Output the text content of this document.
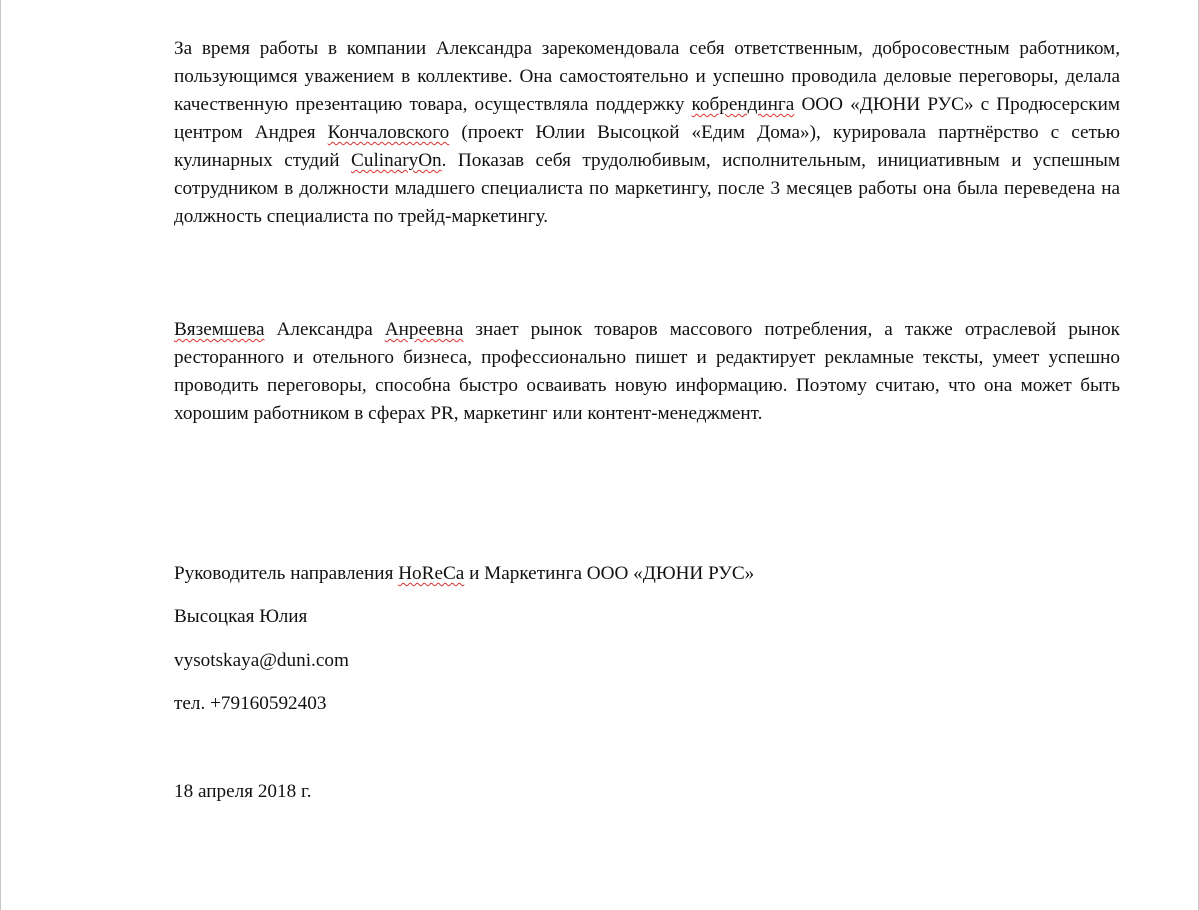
За время работы в компании Александра зарекомендовала себя ответственным, добросовестным работником, пользующимся уважением в коллективе. Она самостоятельно и успешно проводила деловые переговоры, делала качественную презентацию товара, осуществляла поддержку кобрендинга ООО «ДЮНИ РУС» с Продюсерским центром Андрея Кончаловского (проект Юлии Высоцкой «Едим Дома»), курировала партнёрство с сетью кулинарных студий CulinaryOn. Показав себя трудолюбивым, исполнительным, инициативным и успешным сотрудником в должности младшего специалиста по маркетингу, после 3 месяцев работы она была переведена на должность специалиста по трейд-маркетингу.

Вяземшева Александра Анреевна знает рынок товаров массового потребления, а также отраслевой рынок ресторанного и отельного бизнеса, профессионально пишет и редактирует рекламные тексты, умеет успешно проводить переговоры, способна быстро осваивать новую информацию. Поэтому считаю, что она может быть хорошим работником в сферах PR, маркетинг или контент-менеджмент.

Руководитель направления HoReCa и Маркетинга ООО «ДЮНИ РУС»
Высоцкая Юлия
vysotskaya@duni.com
тел. +79160592403
18 апреля 2018 г.
